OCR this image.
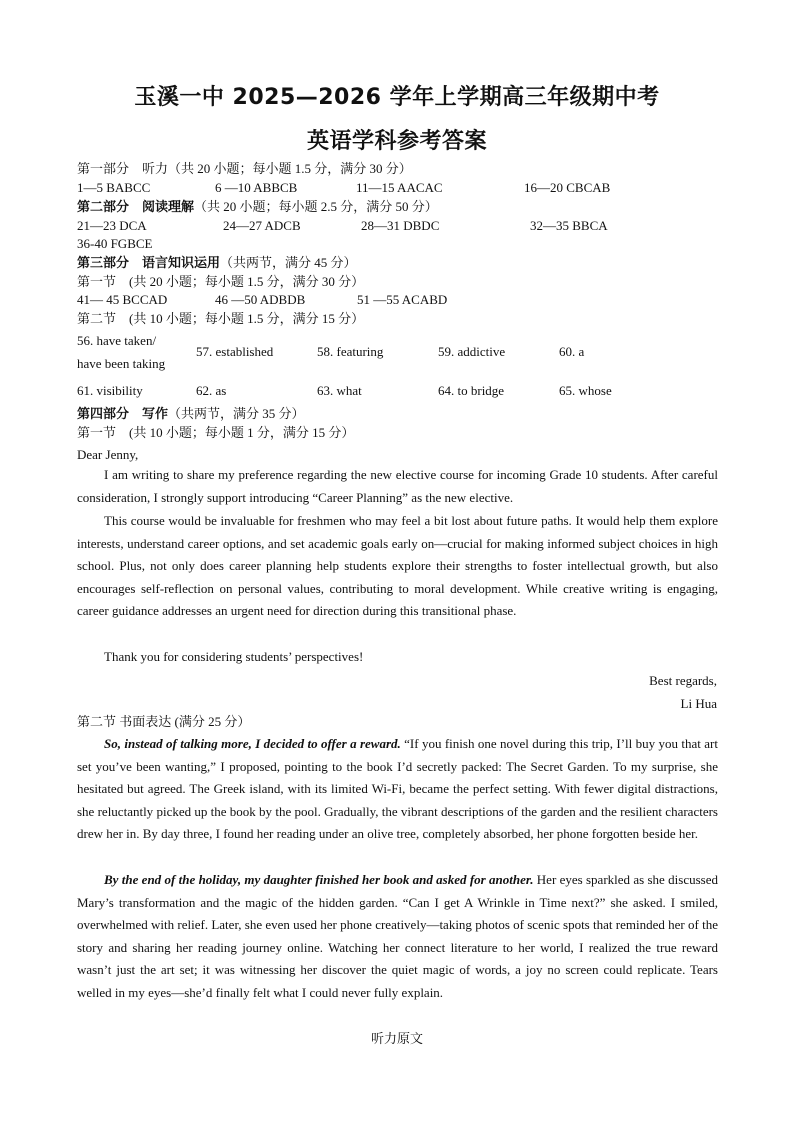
玉溪一中 2025—2026 学年上学期高三年级期中考
英语学科参考答案
第一部分　听力（共 20 小题；每小题 1.5 分，满分 30 分）
1—5 BABCC	6 —10 ABBCB	11—15 AACAC	16—20 CBCAB
第二部分　阅读理解（共 20 小题；每小题 2.5 分，满分 50 分）
21—23 DCA	24—27 ADCB	28—31 DBDC	32—35 BBCA
36-40 FGBCE
第三部分　语言知识运用（共两节，满分 45 分）
第一节　(共 20 小题；每小题 1.5 分，满分 30 分）
41— 45 BCCAD	46 —50 ADBDB	51 —55 ACABD
第二节　(共 10 小题；每小题 1.5 分，满分 15 分）
56. have taken/
have been taking
57. established	58. featuring	59. addictive	60. a
61. visibility	62. as	63. what	64. to bridge	65. whose
第四部分　写作（共两节，满分 35 分）
第一节　(共 10 小题；每小题 1 分，满分 15 分）
Dear Jenny,
I am writing to share my preference regarding the new elective course for incoming Grade 10 students. After careful consideration, I strongly support introducing “Career Planning” as the new elective.
This course would be invaluable for freshmen who may feel a bit lost about future paths. It would help them explore interests, understand career options, and set academic goals early on—crucial for making informed subject choices in high school. Plus, not only does career planning help students explore their strengths to foster intellectual growth, but also encourages self-reflection on personal values, contributing to moral development. While creative writing is engaging, career guidance addresses an urgent need for direction during this transitional phase.
Thank you for considering students’ perspectives!
Best regards,
Li Hua
第二节 书面表达 (满分 25 分）
So, instead of talking more, I decided to offer a reward. “If you finish one novel during this trip, I’ll buy you that art set you’ve been wanting,” I proposed, pointing to the book I’d secretly packed: The Secret Garden. To my surprise, she hesitated but agreed. The Greek island, with its limited Wi-Fi, became the perfect setting. With fewer digital distractions, she reluctantly picked up the book by the pool. Gradually, the vibrant descriptions of the garden and the resilient characters drew her in. By day three, I found her reading under an olive tree, completely absorbed, her phone forgotten beside her.
By the end of the holiday, my daughter finished her book and asked for another. Her eyes sparkled as she discussed Mary’s transformation and the magic of the hidden garden. “Can I get A Wrinkle in Time next?” she asked. I smiled, overwhelmed with relief. Later, she even used her phone creatively—taking photos of scenic spots that reminded her of the story and sharing her reading journey online. Watching her connect literature to her world, I realized the true reward wasn’t just the art set; it was witnessing her discover the quiet magic of words, a joy no screen could replicate. Tears welled in my eyes—she’d finally felt what I could never fully explain.
听力原文
